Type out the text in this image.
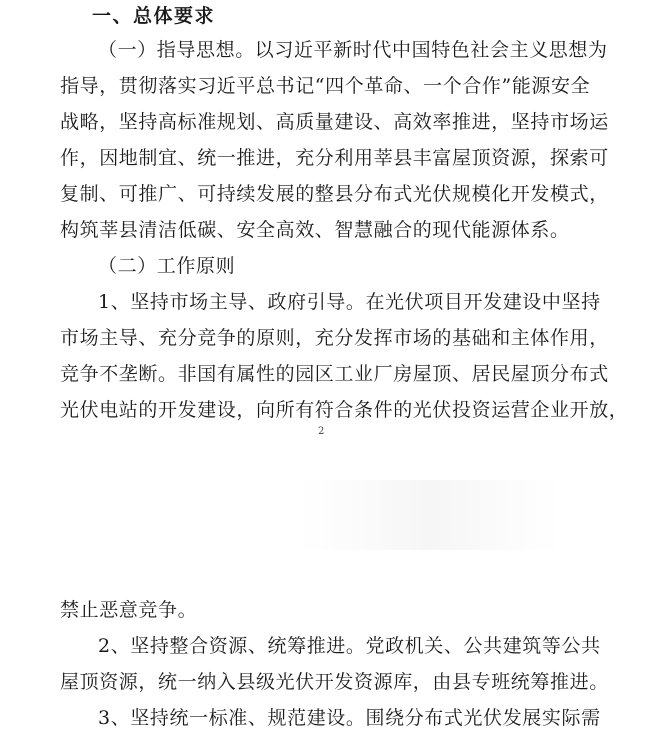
一、总体要求
（一）指导思想。以习近平新时代中国特色社会主义思想为
指导，贯彻落实习近平总书记“四个革命、一个合作”能源安全
战略，坚持高标准规划、高质量建设、高效率推进，坚持市场运
作，因地制宜、统一推进，充分利用莘县丰富屋顶资源，探索可
复制、可推广、可持续发展的整县分布式光伏规模化开发模式，
构筑莘县清洁低碳、安全高效、智慧融合的现代能源体系。
（二）工作原则
1、坚持市场主导、政府引导。在光伏项目开发建设中坚持
市场主导、充分竞争的原则，充分发挥市场的基础和主体作用，
竞争不垄断。非国有属性的园区工业厂房屋顶、居民屋顶分布式
光伏电站的开发建设，向所有符合条件的光伏投资运营企业开放，
2
禁止恶意竞争。
2、坚持整合资源、统筹推进。党政机关、公共建筑等公共
屋顶资源，统一纳入县级光伏开发资源库，由县专班统筹推进。
3、坚持统一标准、规范建设。围绕分布式光伏发展实际需
